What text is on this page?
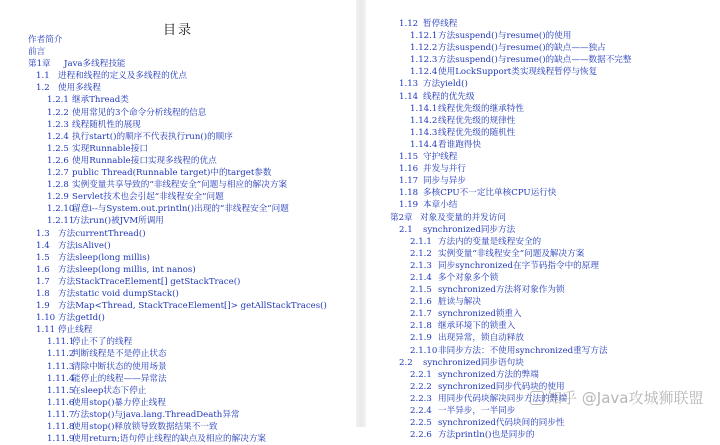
目录
作者简介
前言
第1章 Java多线程技能
1.1 进程和线程的定义及多线程的优点
1.2 使用多线程
1.2.1 继承Thread类
1.2.2 使用常见的3个命令分析线程的信息
1.2.3 线程随机性的展现
1.2.4 执行start()的顺序不代表执行run()的顺序
1.2.5 实现Runnable接口
1.2.6 使用Runnable接口实现多线程的优点
1.2.7 public Thread(Runnable target)中的target参数
1.2.8 实例变量共享导致的“非线程安全”问题与相应的解决方案
1.2.9 Servlet技术也会引起“非线程安全”问题
1.2.10留意i--与System.out.println()出现的“非线程安全”问题
1.2.11方法run()被JVM所调用
1.3 方法currentThread()
1.4 方法isAlive()
1.5 方法sleep(long millis)
1.6 方法sleep(long millis, int nanos)
1.7 方法StackTraceElement[] getStackTrace()
1.8 方法static void dumpStack()
1.9 方法Map<Thread, StackTraceElement[]> getAllStackTraces()
1.10 方法getId()
1.11 停止线程
1.11.1停止不了的线程
1.11.2判断线程是不是停止状态
1.11.3清除中断状态的使用场景
1.11.4能停止的线程——异常法
1.11.5在sleep状态下停止
1.11.6使用stop()暴力停止线程
1.11.7方法stop()与java.lang.ThreadDeath异常
1.11.8使用stop()释放锁导致数据结果不一致
1.11.9使用return;语句停止线程的缺点及相应的解决方案
1.12 暂停线程
1.12.1方法suspend()与resume()的使用
1.12.2方法suspend()与resume()的缺点——独占
1.12.3方法suspend()与resume()的缺点——数据不完整
1.12.4使用LockSupport类实现线程暂停与恢复
1.13 方法yield()
1.14 线程的优先级
1.14.1线程优先级的继承特性
1.14.2线程优先级的规律性
1.14.3线程优先级的随机性
1.14.4看谁跑得快
1.15 守护线程
1.16 并发与并行
1.17 同步与异步
1.18 多核CPU不一定比单核CPU运行快
1.19 本章小结
第2章 对象及变量的并发访问
2.1 synchronized同步方法
2.1.1 方法内的变量是线程安全的
2.1.2 实例变量“非线程安全”问题及解决方案
2.1.3 同步synchronized在字节码指令中的原理
2.1.4 多个对象多个锁
2.1.5 synchronized方法将对象作为锁
2.1.6 脏读与解决
2.1.7 synchronized锁重入
2.1.8 继承环境下的锁重入
2.1.9 出现异常，锁自动释放
2.1.10非同步方法：不使用synchronized重写方法
2.2 synchronized同步语句块
2.2.1 synchronized方法的弊端
2.2.2 synchronized同步代码块的使用
2.2.3 用同步代码块解决同步方法的弊端
2.2.4 一半异步，一半同步
2.2.5 synchronized代码块间的同步性
2.2.6 方法println()也是同步的
知乎 @Java攻城狮联盟
